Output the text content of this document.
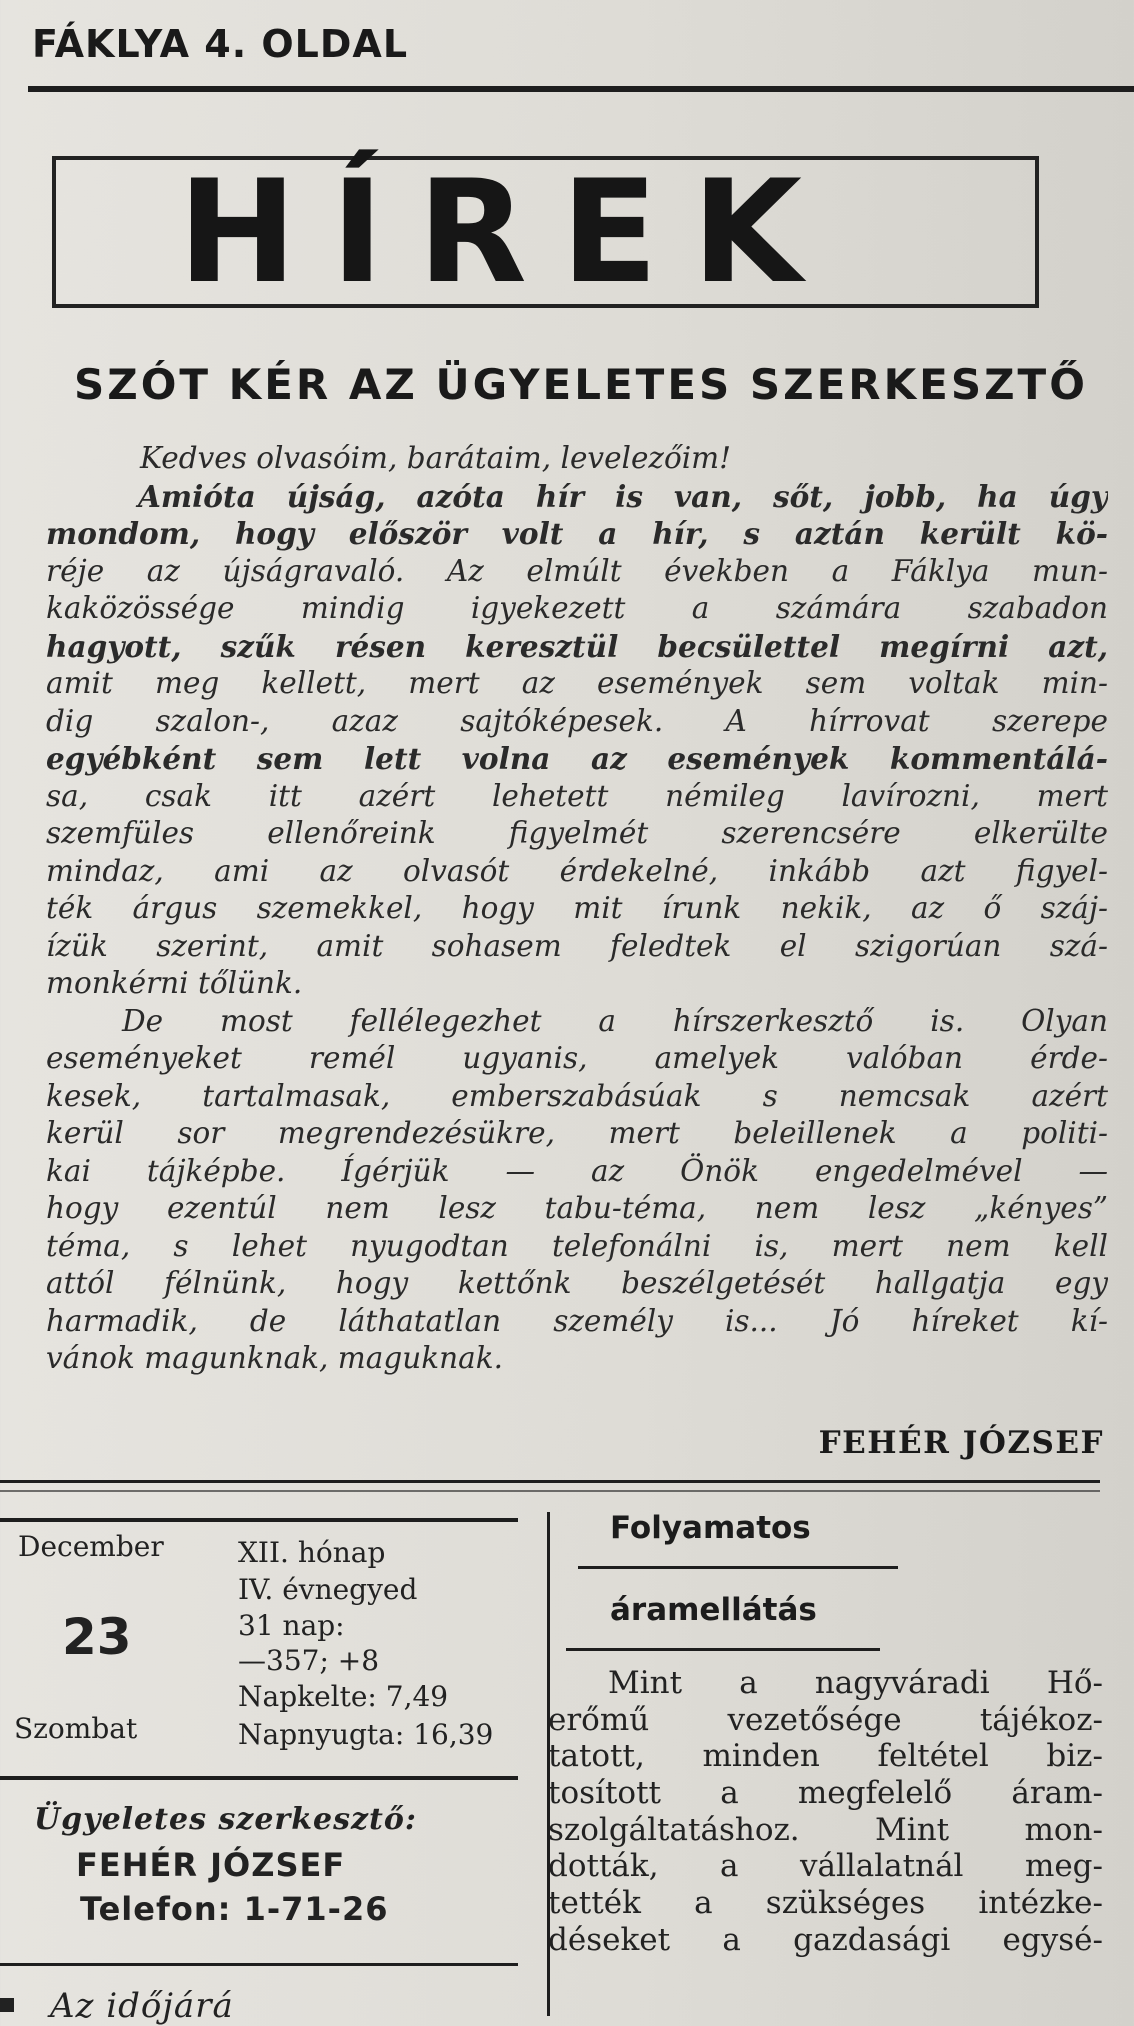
FÁKLYA 4. OLDAL
HÍREK
SZÓT KÉR AZ ÜGYELETES SZERKESZTŐ
Kedves olvasóim, barátaim, levelezőim!
Amióta újság, azóta hír is van, sőt, jobb, ha úgy
mondom, hogy először volt a hír, s aztán került kö-
réje az újságravaló. Az elmúlt években a Fáklya mun-
kaközössége mindig igyekezett a számára szabadon
hagyott, szűk résen keresztül becsülettel megírni azt,
amit meg kellett, mert az események sem voltak min-
dig szalon-, azaz sajtóképesek. A hírrovat szerepe
egyébként sem lett volna az események kommentálá-
sa, csak itt azért lehetett némileg lavírozni, mert
szemfüles ellenőreink figyelmét szerencsére elkerülte
mindaz, ami az olvasót érdekelné, inkább azt figyel-
ték árgus szemekkel, hogy mit írunk nekik, az ő száj-
ízük szerint, amit sohasem feledtek el szigorúan szá-
monkérni tőlünk.
De most fellélegezhet a hírszerkesztő is. Olyan
eseményeket remél ugyanis, amelyek valóban érde-
kesek, tartalmasak, emberszabásúak s nemcsak azért
kerül sor megrendezésükre, mert beleillenek a politi-
kai tájképbe. Ígérjük — az Önök engedelmével —
hogy ezentúl nem lesz tabu-téma, nem lesz „kényes”
téma, s lehet nyugodtan telefonálni is, mert nem kell
attól félnünk, hogy kettőnk beszélgetését hallgatja egy
harmadik, de láthatatlan személy is... Jó híreket kí-
vánok magunknak, maguknak.
FEHÉR JÓZSEF
December
23
Szombat
XII. hónap
IV. évnegyed
31 nap:
—357; +8
Napkelte: 7,49
Napnyugta: 16,39
Ügyeletes szerkesztő:
FEHÉR JÓZSEF
Telefon: 1-71-26
Az időjárá
Folyamatos
áramellátás
Mint a nagyváradi Hő-
erőmű vezetősége tájékoz-
tatott, minden feltétel biz-
tosított a megfelelő áram-
szolgáltatáshoz. Mint mon-
dották, a vállalatnál meg-
tették a szükséges intézke-
déseket a gazdasági egysé-
